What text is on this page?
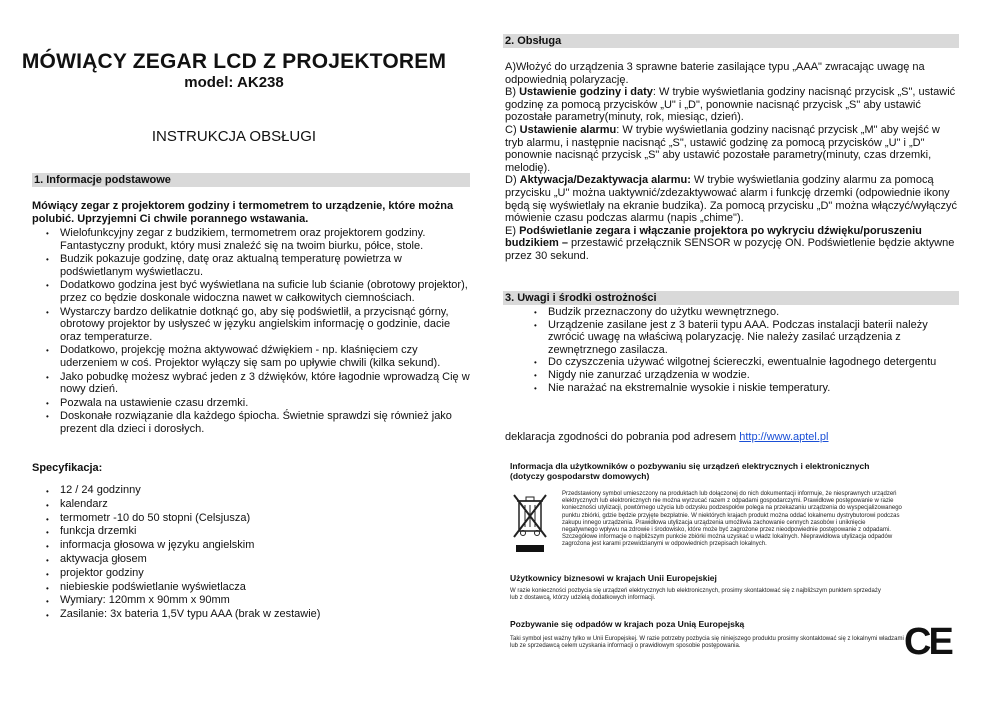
MÓWIĄCY ZEGAR LCD Z PROJEKTOREM
model: AK238
INSTRUKCJA OBSŁUGI
1. Informacje podstawowe
Mówiący zegar z projektorem godziny i termometrem to urządzenie, które można polubić. Uprzyjemni Ci chwile porannego wstawania.
• Wielofunkcyjny zegar z budzikiem, termometrem oraz projektorem godziny. Fantastyczny produkt, który musi znaleźć się na twoim biurku, półce, stole.
• Budzik pokazuje godzinę, datę oraz aktualną temperaturę powietrza w podświetlanym wyświetlaczu.
• Dodatkowo godzina jest być wyświetlana na suficie lub ścianie (obrotowy projektor), przez co będzie doskonale widoczna nawet w całkowitych ciemnościach.
• Wystarczy bardzo delikatnie dotknąć go, aby się podświetlił, a przycisnąć górny, obrotowy projektor by usłyszeć w języku angielskim informację o godzinie, dacie oraz temperaturze.
• Dodatkowo, projekcję można aktywować dźwiękiem - np. klaśnięciem czy uderzeniem w coś. Projektor wyłączy się sam po upływie chwili (kilka sekund).
• Jako pobudkę możesz wybrać jeden z 3 dźwięków, które łagodnie wprowadzą Cię w nowy dzień.
• Pozwala na ustawienie czasu drzemki.
• Doskonałe rozwiązanie dla każdego śpiocha. Świetnie sprawdzi się również jako prezent dla dzieci i dorosłych.
Specyfikacja:
• 12 / 24 godzinny
• kalendarz
• termometr -10 do 50 stopni (Celsjusza)
• funkcja drzemki
• informacja głosowa w języku angielskim
• aktywacja głosem
• projektor godziny
• niebieskie podświetlanie wyświetlacza
• Wymiary: 120mm x 90mm x 90mm
• Zasilanie: 3x bateria 1,5V typu AAA (brak w zestawie)
2. Obsługa
A)Włożyć do urządzenia 3 sprawne baterie zasilające typu „AAA" zwracając uwagę na odpowiednią polaryzację.
B) Ustawienie godziny i daty: W trybie wyświetlania godziny nacisnąć przycisk „S", ustawić godzinę za pomocą przycisków „U" i „D", ponownie nacisnąć przycisk „S" aby ustawić pozostałe parametry(minuty, rok, miesiąc, dzień).
C) Ustawienie alarmu: W trybie wyświetlania godziny nacisnąć przycisk „M" aby wejść w tryb alarmu, i następnie nacisnąć „S", ustawić godzinę za pomocą przycisków „U" i „D" ponownie nacisnąć przycisk „S" aby ustawić pozostałe parametry(minuty, czas drzemki, melodię).
D) Aktywacja/Dezaktywacja alarmu: W trybie wyświetlania godziny alarmu za pomocą przycisku „U" można uaktywnić/zdezaktywować alarm i funkcję drzemki (odpowiednie ikony będą się wyświetlały na ekranie budzika). Za pomocą przycisku „D" można włączyć/wyłączyć mówienie czasu podczas alarmu (napis „chime").
E) Podświetlanie zegara i włączanie projektora po wykryciu dźwięku/poruszeniu budzikiem – przestawić przełącznik SENSOR w pozycję ON. Podświetlenie będzie aktywne przez 30 sekund.
3. Uwagi i środki ostrożności
• Budzik przeznaczony do użytku wewnętrznego.
• Urządzenie zasilane jest z 3 baterii typu AAA. Podczas instalacji baterii należy zwrócić uwagę na właściwą polaryzację. Nie należy zasilać urządzenia z zewnętrznego zasilacza.
• Do czyszczenia używać wilgotnej ściereczki, ewentualnie łagodnego detergentu
• Nigdy nie zanurzać urządzenia w wodzie.
• Nie narażać na ekstremalnie wysokie i niskie temperatury.
deklaracja zgodności do pobrania pod adresem http://www.aptel.pl
Informacja dla użytkowników o pozbywaniu się urządzeń elektrycznych i elektronicznych (dotyczy gospodarstw domowych)
Przedstawiony symbol umieszczony na produktach lub dołączonej do nich dokumentacji informuje, że niesprawnych urządzeń elektrycznych lub elektronicznych nie można wyrzucać razem z odpadami gospodarczymi. Prawidłowe postępowanie w razie konieczności utylizacji, powtórnego użycia lub odzysku podzespołów polega na przekazaniu urządzenia do wyspecjalizowanego punktu zbiórki, gdzie będzie przyjęte bezpłatnie. W niektórych krajach produkt można oddać lokalnemu dystrybutorowi podczas zakupu innego urządzenia. Prawidłowa utylizacja urządzenia umożliwia zachowanie cennych zasobów i uniknięcie negatywnego wpływu na zdrowie i środowisko, które może być zagrożone przez nieodpowiednie postępowanie z odpadami. Szczegółowe informacje o najbliższym punkcie zbiórki można uzyskać u władz lokalnych. Nieprawidłowa utylizacja odpadów zagrożona jest karami przewidzianymi w odpowiednich przepisach lokalnych.
Użytkownicy biznesowi w krajach Unii Europejskiej
W razie konieczności pozbycia się urządzeń elektrycznych lub elektronicznych, prosimy skontaktować się z najbliższym punktem sprzedaży lub z dostawcą, którzy udzielą dodatkowych informacji.
Pozbywanie się odpadów w krajach poza Unią Europejską
Taki symbol jest ważny tylko w Unii Europejskej. W razie potrzeby pozbycia się niniejszego produktu prosimy skontaktować się z lokalnymi władzami lub ze sprzedawcą celem uzyskania informacji o prawidłowym sposobie postępowania.	CE
